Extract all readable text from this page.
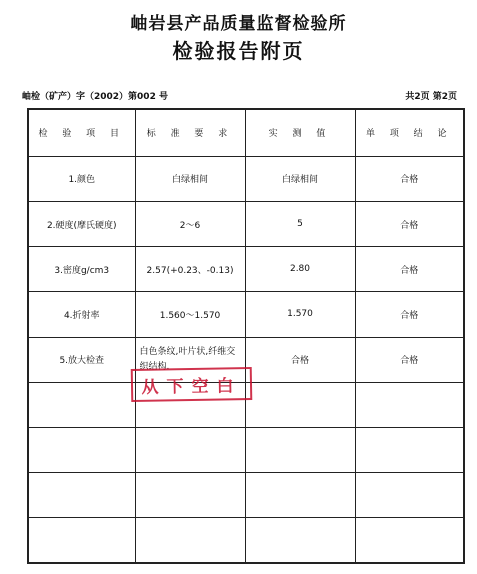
岫岩县产品质量监督检验所
检验报告附页
岫检（矿产）字（2002）第002 号	共2页 第2页
检 验 项 目	标 准 要 求	实 测 值	单 项 结 论
1.颜色	白绿相间	白绿相间	合格
2.硬度(摩氏硬度)	2～6	5	合格
3.密度g/cm3	2.57(+0.23、-0.13)	2.80	合格
4.折射率	1.560～1.570	1.570	合格
5.放大检查	白色条纹,叶片状,纤维交织结构.	合格	合格

从下空白
